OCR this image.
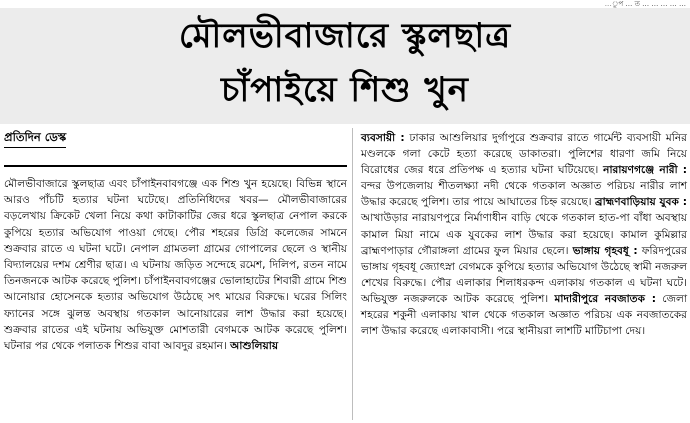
…ুপ … ত … … … … …
মৌলভীবাজারে স্কুলছাত্র
চাঁপাইয়ে শিশু খুন
প্রতিদিন ডেস্ক
মৌলভীবাজারে স্কুলছাত্র এবং চাঁপাইনবাবগঞ্জে এক শিশু খুন হয়েছে। বিভিন্ন স্থানে আরও পাঁচটি হত্যার ঘটনা ঘটেছে। প্রতিনিধিদের খবর— মৌলভীবাজারের বড়লেখায় ক্রিকেট খেলা নিয়ে কথা কাটাকাটির জের ধরে স্কুলছাত্র নেপাল করকে কুপিয়ে হত্যার অভিযোগ পাওয়া গেছে। পৌর শহরের ডিগ্রি কলেজের সামনে শুক্রবার রাতে এ ঘটনা ঘটে। নেপাল গ্রামতলা গ্রামের গোপালের ছেলে ও স্থানীয় বিদ্যালয়ের দশম শ্রেণীর ছাত্র। এ ঘটনায় জড়িত সন্দেহে রমেশ, দিলিপ, রতন নামে তিনজনকে আটক করেছে পুলিশ। চাঁপাইনবাবগঞ্জের ভোলাহাটের শিবারী গ্রামে শিশু আনোয়ার হোসেনকে হত্যার অভিযোগ উঠেছে সৎ মায়ের বিরুদ্ধে। ঘরের সিলিং ফ্যানের সঙ্গে ঝুলন্ত অবস্থায় গতকাল আনোয়ারের লাশ উদ্ধার করা হয়েছে। শুক্রবার রাতের এই ঘটনায় অভিযুক্ত মোশতারী বেগমকে আটক করেছে পুলিশ। ঘটনার পর থেকে পলাতক শিশুর বাবা আবদুর রহমান। আশুলিয়ায়
ব্যবসায়ী : ঢাকার আশুলিয়ার দুর্গাপুরে শুক্রবার রাতে গার্মেন্ট ব্যবসায়ী মনির মণ্ডলকে গলা কেটে হত্যা করেছে ডাকাতরা। পুলিশের ধারণা জমি নিয়ে বিরোধের জের ধরে প্রতিপক্ষ এ হত্যার ঘটনা ঘটিয়েছে। নারায়ণগঞ্জে নারী : বন্দর উপজেলায় শীতলক্ষ্যা নদী থেকে গতকাল অজ্ঞাত পরিচয় নারীর লাশ উদ্ধার করেছে পুলিশ। তার পায়ে আঘাতের চিহ্ন রয়েছে। ব্রাহ্মণবাড়িয়ায় যুবক : আখাউড়ার নারায়ণপুরে নির্মাণাধীন বাড়ি থেকে গতকাল হাত-পা বাঁধা অবস্থায় কামাল মিয়া নামে এক যুবকের লাশ উদ্ধার করা হয়েছে। কামাল কুমিল্লার ব্রাহ্মণপাড়ার গৌরাঙ্গলা গ্রামের ফুল মিয়ার ছেলে। ভাঙ্গায় গৃহবধূ : ফরিদপুরের ভাঙ্গায় গৃহবধূ জ্যোৎস্না বেগমকে কুপিয়ে হত্যার অভিযোগ উঠেছে স্বামী নজরুল শেখের বিরুদ্ধে। পৌর এলাকার শিলাধরকন্দ এলাকায় গতকাল এ ঘটনা ঘটে। অভিযুক্ত নজরুলকে আটক করেছে পুলিশ। মাদারীপুরে নবজাতক : জেলা শহরের শকুনী এলাকায় খাল থেকে গতকাল অজ্ঞাত পরিচয় এক নবজাতকের লাশ উদ্ধার করেছে এলাকাবাসী। পরে স্থানীয়রা লাশটি মাটিচাপা দেয়।
